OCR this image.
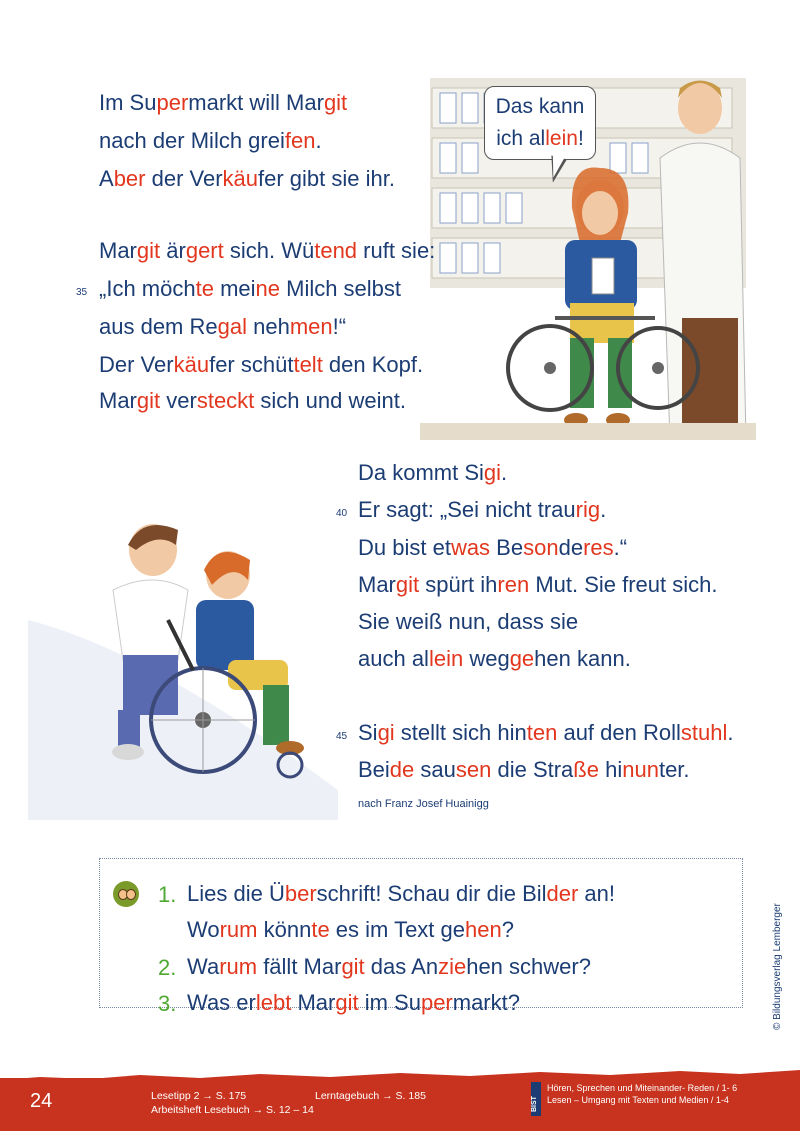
Das kann
ich allein!
Im Supermarkt will Margit
nach der Milch greifen.
Aber der Verkäufer gibt sie ihr.
Margit ärgert sich. Wütend ruft sie:
35 „Ich möchte meine Milch selbst
aus dem Regal nehmen!“
Der Verkäufer schüttelt den Kopf.
Margit versteckt sich und weint.
Da kommt Sigi.
40 Er sagt: „Sei nicht traurig.
Du bist etwas Besonderes.“
Margit spürt ihren Mut. Sie freut sich.
Sie weiß nun, dass sie
auch allein weggehen kann.
45 Sigi stellt sich hinten auf den Rollstuhl.
Beide sausen die Straße hinunter.
nach Franz Josef Huainigg
1. Lies die Überschrift! Schau dir die Bilder an!
Worum könnte es im Text gehen?
2. Warum fällt Margit das Anziehen schwer?
3. Was erlebt Margit im Supermarkt?	© Bildungsverlag Lemberger
24	Lesetipp 2 → S. 175
Arbeitsheft Lesebuch → S. 12 – 14
Lerntagebuch → S. 185
BIST
Hören, Sprechen und Miteinander- Reden / 1- 6
Lesen – Umgang mit Texten und Medien / 1-4
